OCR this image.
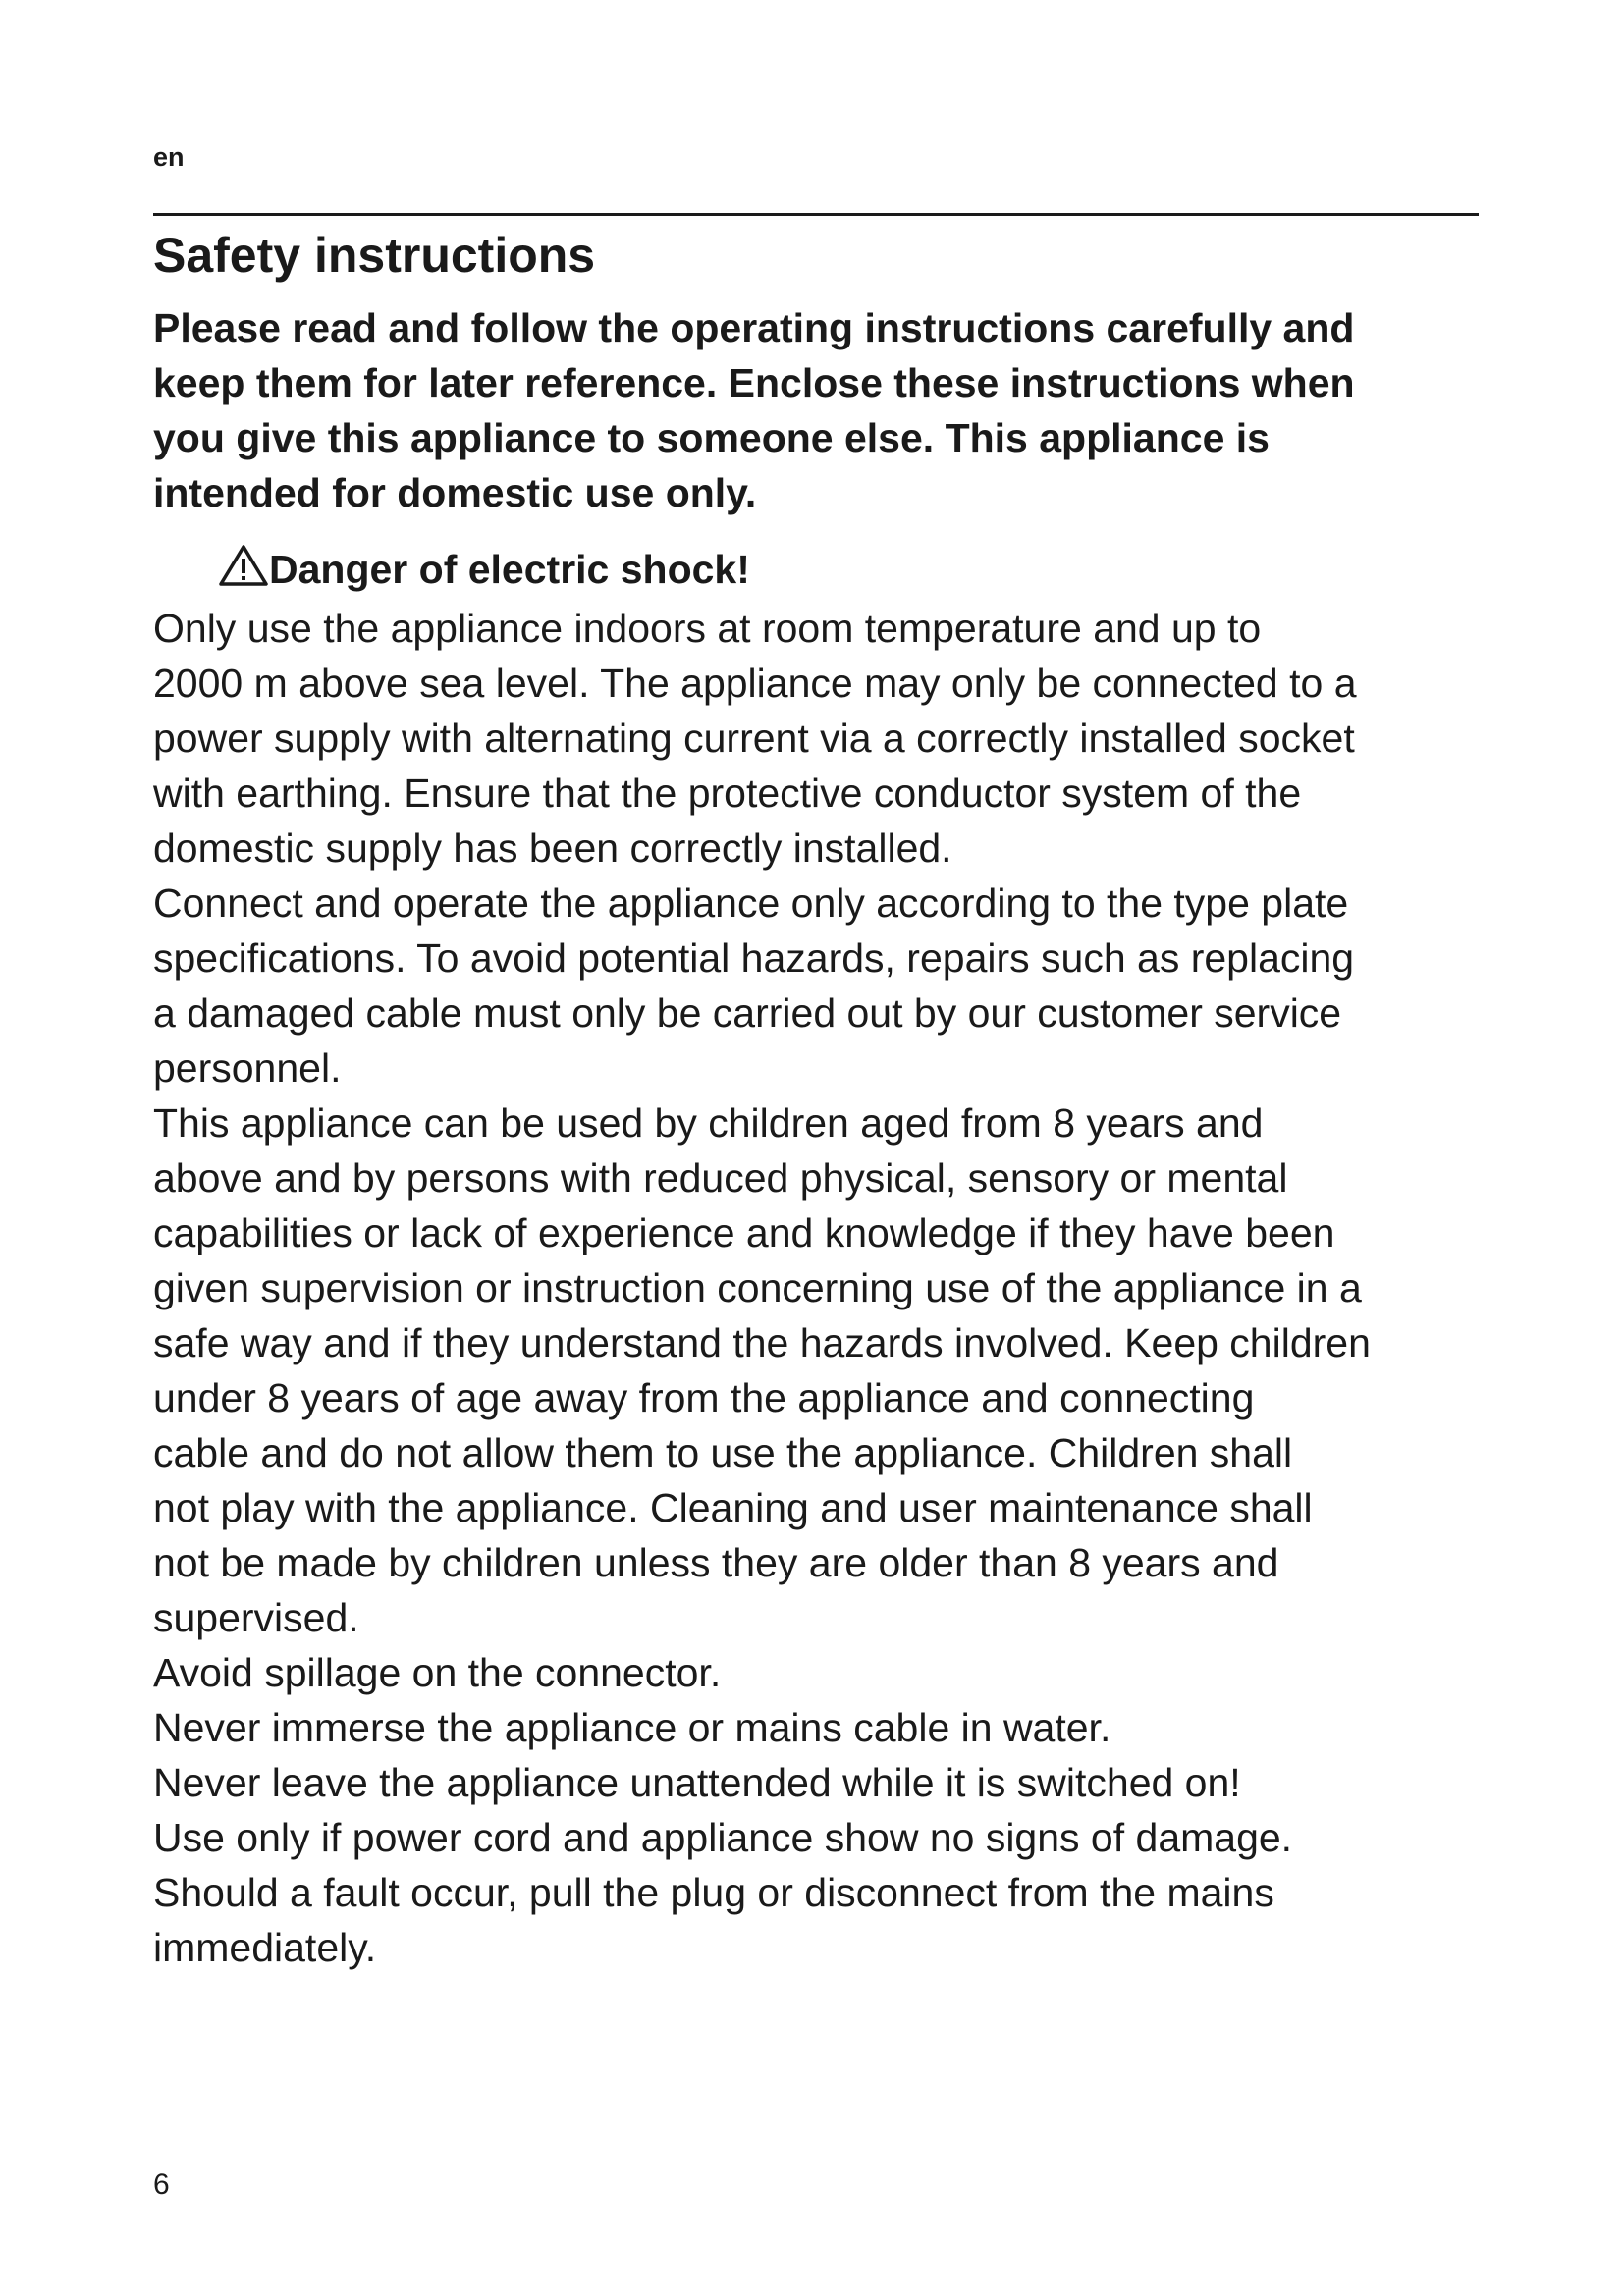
en
Safety instructions
Please read and follow the operating instructions carefully and
keep them for later reference. Enclose these instructions when
you give this appliance to someone else. This appliance is
intended for domestic use only.
Danger of electric shock!

Only use the appliance indoors at room temperature and up to
2000 m above sea level. The appliance may only be connected to a
power supply with alternating current via a correctly installed socket
with earthing. Ensure that the protective conductor system of the
domestic supply has been correctly installed.

Connect and operate the appliance only according to the type plate
specifications. To avoid potential hazards, repairs such as replacing
a damaged cable must only be carried out by our customer service
personnel.

This appliance can be used by children aged from 8 years and
above and by persons with reduced physical, sensory or mental
capabilities or lack of experience and knowledge if they have been
given supervision or instruction concerning use of the appliance in a
safe way and if they understand the hazards involved. Keep children
under 8 years of age away from the appliance and connecting
cable and do not allow them to use the appliance. Children shall
not play with the appliance. Cleaning and user maintenance shall
not be made by children unless they are older than 8 years and
supervised.

Avoid spillage on the connector.

Never immerse the appliance or mains cable in water.

Never leave the appliance unattended while it is switched on!

Use only if power cord and appliance show no signs of damage.

Should a fault occur, pull the plug or disconnect from the mains
immediately.

6
